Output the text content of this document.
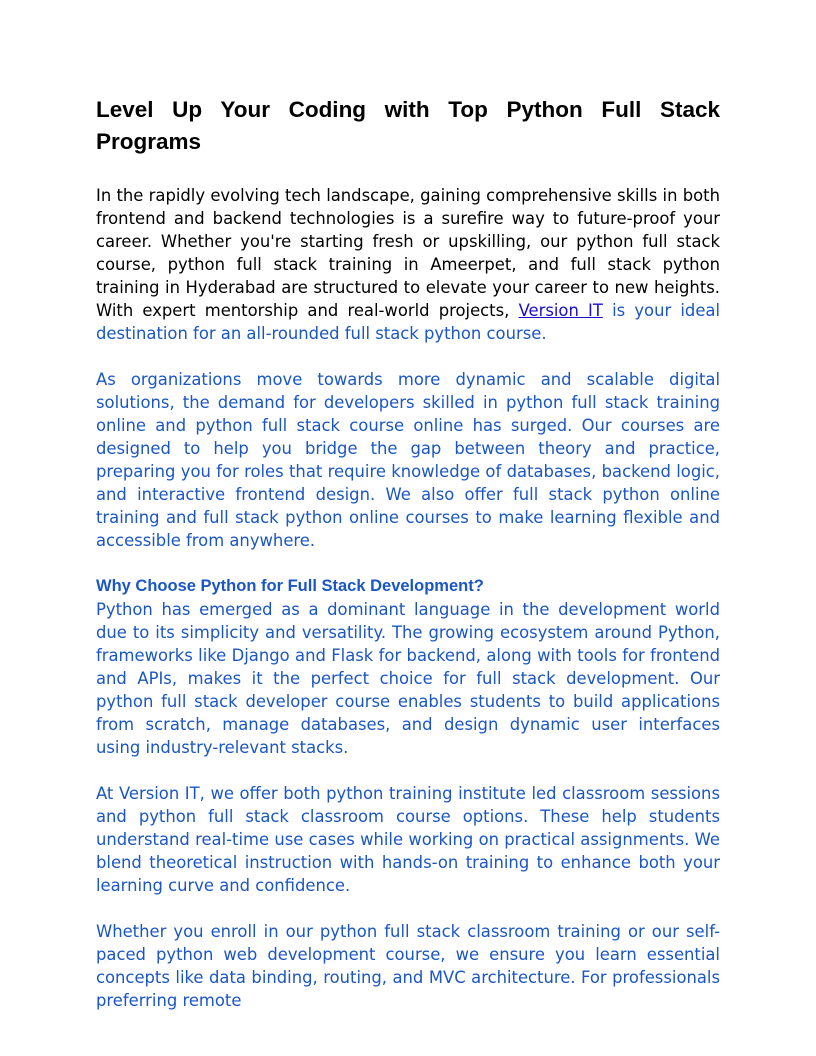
Level Up Your Coding with Top Python Full Stack Programs

In the rapidly evolving tech landscape, gaining comprehensive skills in both frontend and backend technologies is a surefire way to future-proof your career. Whether you're starting fresh or upskilling, our python full stack course, python full stack training in Ameerpet, and full stack python training in Hyderabad are structured to elevate your career to new heights. With expert mentorship and real-world projects, Version IT is your ideal destination for an all-rounded full stack python course.

As organizations move towards more dynamic and scalable digital solutions, the demand for developers skilled in python full stack training online and python full stack course online has surged. Our courses are designed to help you bridge the gap between theory and practice, preparing you for roles that require knowledge of databases, backend logic, and interactive frontend design. We also offer full stack python online training and full stack python online courses to make learning flexible and accessible from anywhere.

Why Choose Python for Full Stack Development?

Python has emerged as a dominant language in the development world due to its simplicity and versatility. The growing ecosystem around Python, frameworks like Django and Flask for backend, along with tools for frontend and APIs, makes it the perfect choice for full stack development. Our python full stack developer course enables students to build applications from scratch, manage databases, and design dynamic user interfaces using industry-relevant stacks.

At Version IT, we offer both python training institute led classroom sessions and python full stack classroom course options. These help students understand real-time use cases while working on practical assignments. We blend theoretical instruction with hands-on training to enhance both your learning curve and confidence.

Whether you enroll in our python full stack classroom training or our self-paced python web development course, we ensure you learn essential concepts like data binding, routing, and MVC architecture. For professionals preferring remote
